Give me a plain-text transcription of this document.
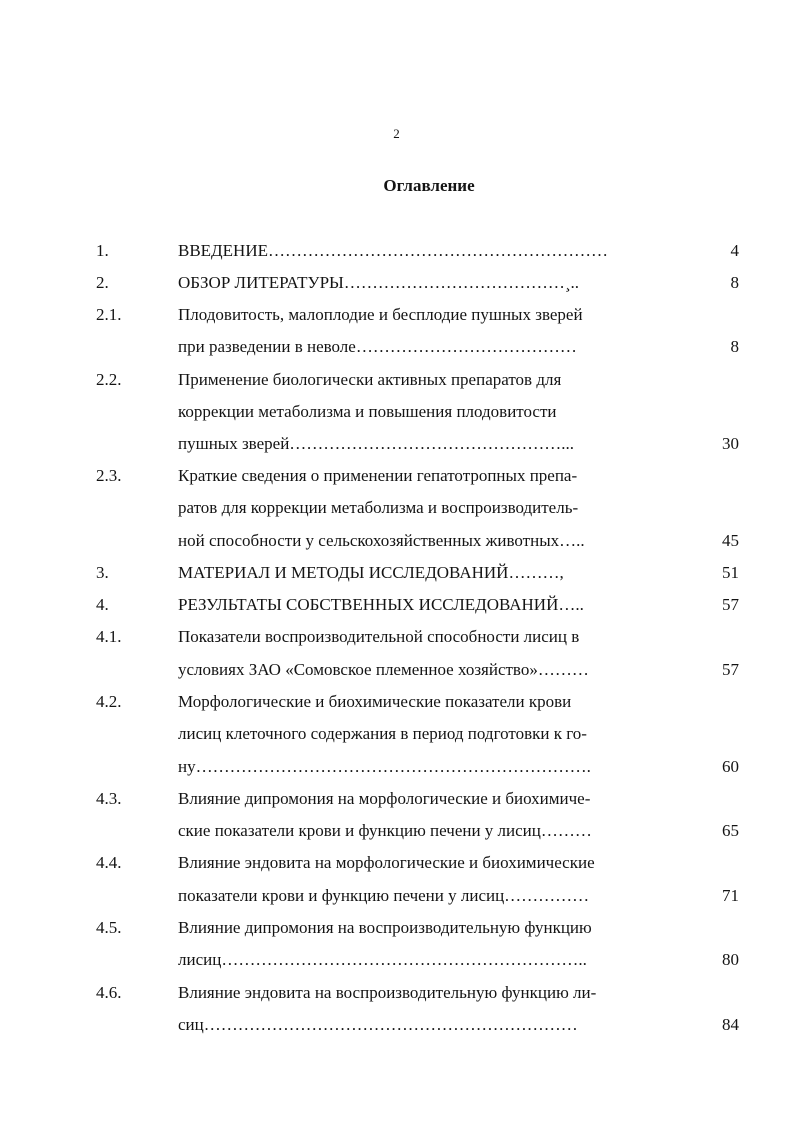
2
Оглавление
1.	ВВЕДЕНИЕ……………………………………………………	4
2.	ОБЗОР ЛИТЕРАТУРЫ…………………………………¸..	8
2.1.	Плодовитость, малоплодие и бесплодие пушных зверей
при разведении в неволе…………………………………	8
2.2.	Применение биологически активных препаратов для
коррекции метаболизма и повышения плодовитости
пушных зверей…………………………………………...	30
2.3.	Краткие сведения о применении гепатотропных препа-
ратов для коррекции метаболизма и воспроизводитель-
ной способности у сельскохозяйственных животных…..	45
3.	МАТЕРИАЛ И МЕТОДЫ ИССЛЕДОВАНИЙ………,	51
4.	РЕЗУЛЬТАТЫ СОБСТВЕННЫХ ИССЛЕДОВАНИЙ…..	57
4.1.	Показатели воспроизводительной способности лисиц в
условиях ЗАО «Сомовское племенное хозяйство»………	57
4.2.	Морфологические и биохимические показатели крови
лисиц клеточного содержания в период подготовки к го-
ну…………………………………………………………….	60
4.3.	Влияние дипромония на морфологические и биохимиче-
ские показатели крови и функцию печени у лисиц………	65
4.4.	Влияние эндовита на морфологические и биохимические
показатели крови и функцию печени у лисиц……………	71
4.5.	Влияние дипромония на воспроизводительную функцию
лисиц………………………………………………………..	80
4.6.	Влияние эндовита на воспроизводительную функцию ли-
сиц…………………………………………………………	84
